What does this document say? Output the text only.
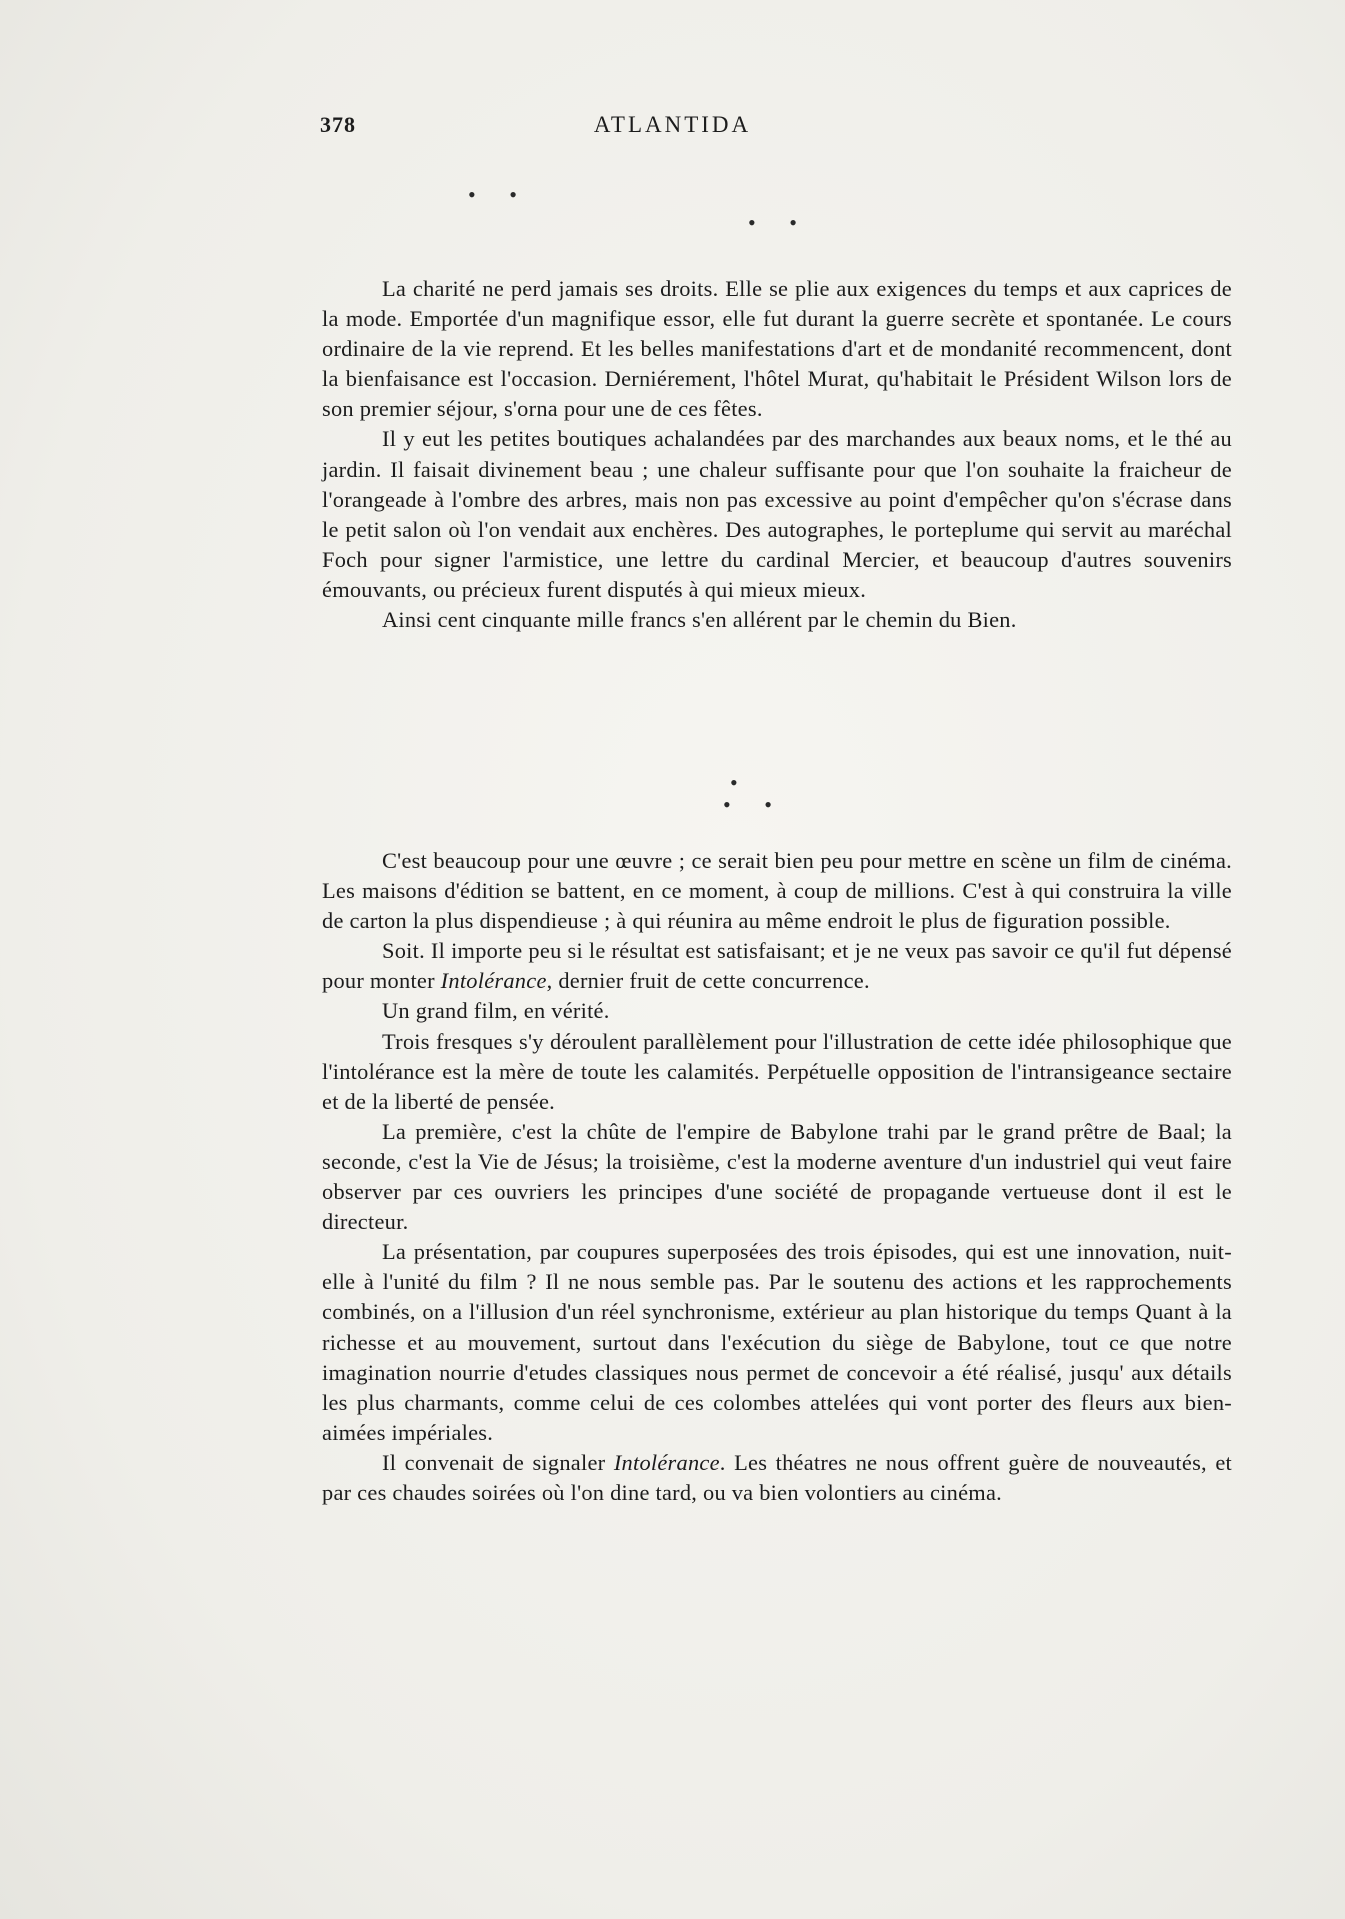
378	ATLANTIDA
• •
• •

La charité ne perd jamais ses droits. Elle se plie aux exigences du temps et aux caprices de la mode. Emportée d'un magnifique essor, elle fut durant la guerre secrète et spontanée. Le cours ordinaire de la vie reprend. Et les belles manifestations d'art et de mondanité recommencent, dont la bienfaisance est l'occasion. Derniérement, l'hôtel Murat, qu'habitait le Président Wilson lors de son premier séjour, s'orna pour une de ces fêtes.

Il y eut les petites boutiques achalandées par des marchandes aux beaux noms, et le thé au jardin. Il faisait divinement beau ; une chaleur suffisante pour que l'on souhaite la fraicheur de l'orangeade à l'ombre des arbres, mais non pas excessive au point d'empêcher qu'on s'écrase dans le petit salon où l'on vendait aux enchères. Des autographes, le porteplume qui servit au maréchal Foch pour signer l'armistice, une lettre du cardinal Mercier, et beaucoup d'autres souvenirs émouvants, ou précieux furent disputés à qui mieux mieux.

Ainsi cent cinquante mille francs s'en allérent par le chemin du Bien.

•
• •

C'est beaucoup pour une œuvre ; ce serait bien peu pour mettre en scène un film de cinéma. Les maisons d'édition se battent, en ce moment, à coup de millions. C'est à qui construira la ville de carton la plus dispendieuse ; à qui réunira au même endroit le plus de figuration possible.

Soit. Il importe peu si le résultat est satisfaisant; et je ne veux pas savoir ce qu'il fut dépensé pour monter Intolérance, dernier fruit de cette concurrence.

Un grand film, en vérité.

Trois fresques s'y déroulent parallèlement pour l'illustration de cette idée philosophique que l'intolérance est la mère de toute les calamités. Perpétuelle opposition de l'intransigeance sectaire et de la liberté de pensée.

La première, c'est la chûte de l'empire de Babylone trahi par le grand prêtre de Baal; la seconde, c'est la Vie de Jésus; la troisième, c'est la moderne aventure d'un industriel qui veut faire observer par ces ouvriers les principes d'une société de propagande vertueuse dont il est le directeur.

La présentation, par coupures superposées des trois épisodes, qui est une innovation, nuit-elle à l'unité du film ? Il ne nous semble pas. Par le soutenu des actions et les rapprochements combinés, on a l'illusion d'un réel synchronisme, extérieur au plan historique du temps Quant à la richesse et au mouvement, surtout dans l'exécution du siège de Babylone, tout ce que notre imagination nourrie d'etudes classiques nous permet de concevoir a été réalisé, jusqu' aux détails les plus charmants, comme celui de ces colombes attelées qui vont porter des fleurs aux bien-aimées impériales.

Il convenait de signaler Intolérance. Les théatres ne nous offrent guère de nouveautés, et par ces chaudes soirées où l'on dine tard, ou va bien volontiers au cinéma.
